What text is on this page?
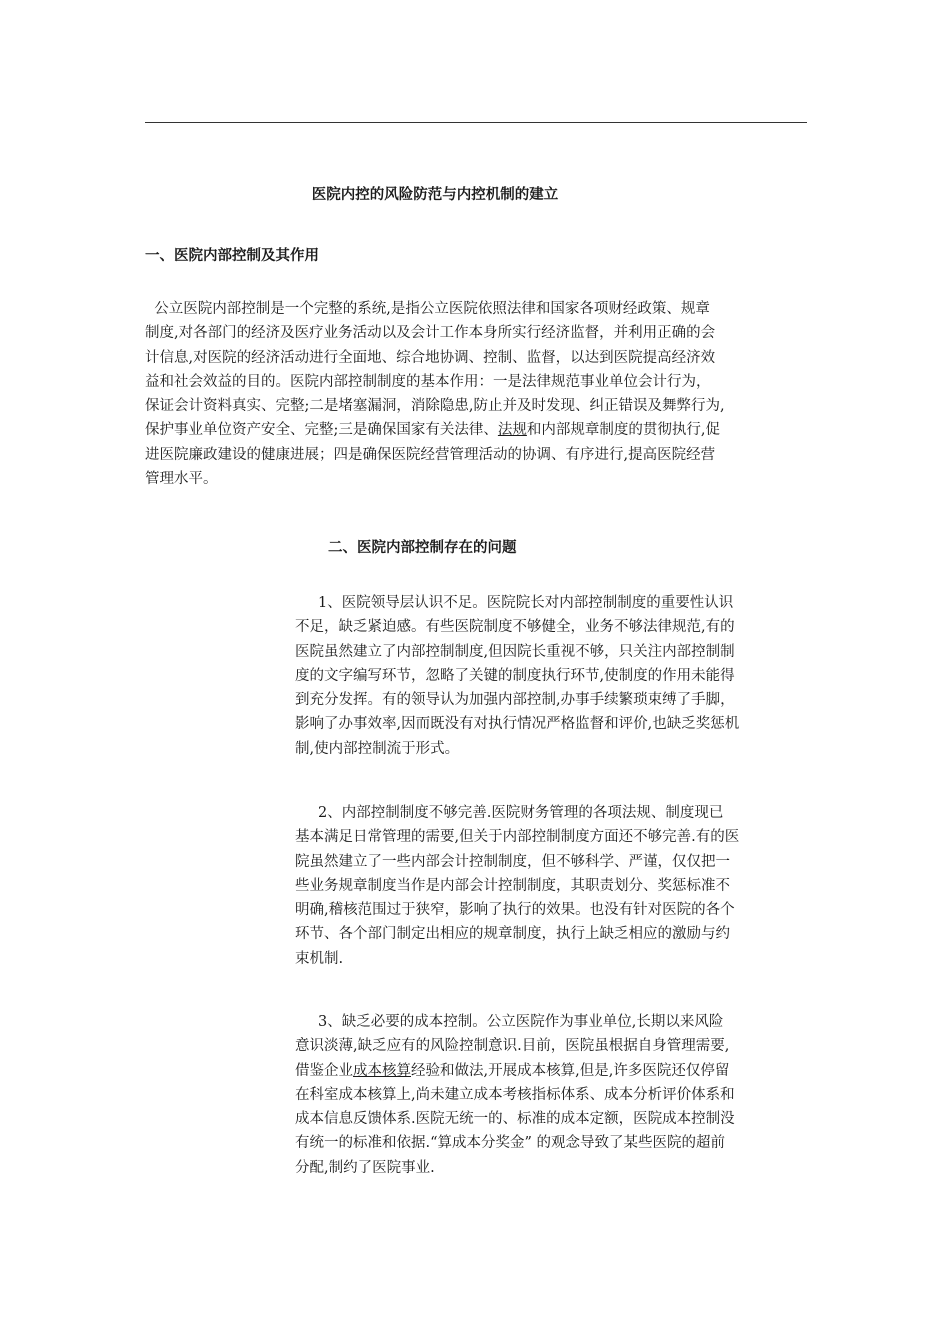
医院内控的风险防范与内控机制的建立
一、医院内部控制及其作用
公立医院内部控制是一个完整的系统,是指公立医院依照法律和国家各项财经政策、规章
制度,对各部门的经济及医疗业务活动以及会计工作本身所实行经济监督，并利用正确的会
计信息,对医院的经济活动进行全面地、综合地协调、控制、监督，以达到医院提高经济效
益和社会效益的目的。医院内部控制制度的基本作用：一是法律规范事业单位会计行为，
保证会计资料真实、完整;二是堵塞漏洞，消除隐患,防止并及时发现、纠正错误及舞弊行为,
保护事业单位资产安全、完整;三是确保国家有关法律、法规和内部规章制度的贯彻执行,促
进医院廉政建设的健康进展；四是确保医院经营管理活动的协调、有序进行,提高医院经营
管理水平。
二、医院内部控制存在的问题
1、医院领导层认识不足。医院院长对内部控制制度的重要性认识
不足，缺乏紧迫感。有些医院制度不够健全，业务不够法律规范,有的
医院虽然建立了内部控制制度,但因院长重视不够，只关注内部控制制
度的文字编写环节，忽略了关键的制度执行环节,使制度的作用未能得
到充分发挥。有的领导认为加强内部控制,办事手续繁琐束缚了手脚，
影响了办事效率,因而既没有对执行情况严格监督和评价,也缺乏奖惩机
制,使内部控制流于形式。
2、内部控制制度不够完善.医院财务管理的各项法规、制度现已
基本满足日常管理的需要,但关于内部控制制度方面还不够完善.有的医
院虽然建立了一些内部会计控制制度，但不够科学、严谨，仅仅把一
些业务规章制度当作是内部会计控制制度，其职责划分、奖惩标准不
明确,稽核范围过于狭窄，影响了执行的效果。也没有针对医院的各个
环节、各个部门制定出相应的规章制度，执行上缺乏相应的激励与约
束机制.
3、缺乏必要的成本控制。公立医院作为事业单位,长期以来风险
意识淡薄,缺乏应有的风险控制意识.目前，医院虽根据自身管理需要,
借鉴企业成本核算经验和做法,开展成本核算,但是,许多医院还仅停留
在科室成本核算上,尚未建立成本考核指标体系、成本分析评价体系和
成本信息反馈体系.医院无统一的、标准的成本定额，医院成本控制没
有统一的标准和依据.“算成本分奖金” 的观念导致了某些医院的超前
分配,制约了医院事业.
